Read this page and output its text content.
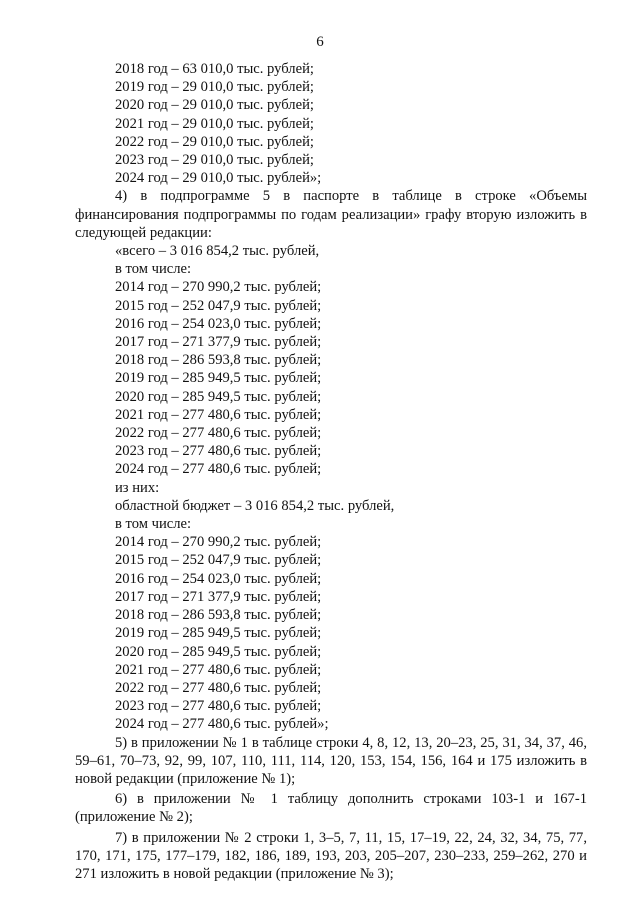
6
2018 год – 63 010,0 тыс. рублей;
2019 год – 29 010,0 тыс. рублей;
2020 год – 29 010,0 тыс. рублей;
2021 год – 29 010,0 тыс. рублей;
2022 год – 29 010,0 тыс. рублей;
2023 год – 29 010,0 тыс. рублей;
2024 год – 29 010,0 тыс. рублей»;
4) в подпрограмме 5 в паспорте в таблице в строке «Объемы финансирования подпрограммы по годам реализации» графу вторую изложить в следующей редакции:
«всего – 3 016 854,2 тыс. рублей,
в том числе:
2014 год – 270 990,2 тыс. рублей;
2015 год – 252 047,9 тыс. рублей;
2016 год – 254 023,0 тыс. рублей;
2017 год – 271 377,9 тыс. рублей;
2018 год – 286 593,8 тыс. рублей;
2019 год – 285 949,5 тыс. рублей;
2020 год – 285 949,5 тыс. рублей;
2021 год – 277 480,6 тыс. рублей;
2022 год – 277 480,6 тыс. рублей;
2023 год – 277 480,6 тыс. рублей;
2024 год – 277 480,6 тыс. рублей;
из них:
областной бюджет – 3 016 854,2 тыс. рублей,
в том числе:
2014 год – 270 990,2 тыс. рублей;
2015 год – 252 047,9 тыс. рублей;
2016 год – 254 023,0 тыс. рублей;
2017 год – 271 377,9 тыс. рублей;
2018 год – 286 593,8 тыс. рублей;
2019 год – 285 949,5 тыс. рублей;
2020 год – 285 949,5 тыс. рублей;
2021 год – 277 480,6 тыс. рублей;
2022 год – 277 480,6 тыс. рублей;
2023 год – 277 480,6 тыс. рублей;
2024 год – 277 480,6 тыс. рублей»;
5) в приложении № 1 в таблице строки 4, 8, 12, 13, 20–23, 25, 31, 34, 37, 46, 59–61, 70–73, 92, 99, 107, 110, 111, 114, 120, 153, 154, 156, 164 и 175 изложить в новой редакции (приложение № 1);
6) в приложении № 1 таблицу дополнить строками 103-1 и 167-1 (приложение № 2);
7) в приложении № 2 строки 1, 3–5, 7, 11, 15, 17–19, 22, 24, 32, 34, 75, 77, 170, 171, 175, 177–179, 182, 186, 189, 193, 203, 205–207, 230–233, 259–262, 270 и 271 изложить в новой редакции (приложение № 3);
